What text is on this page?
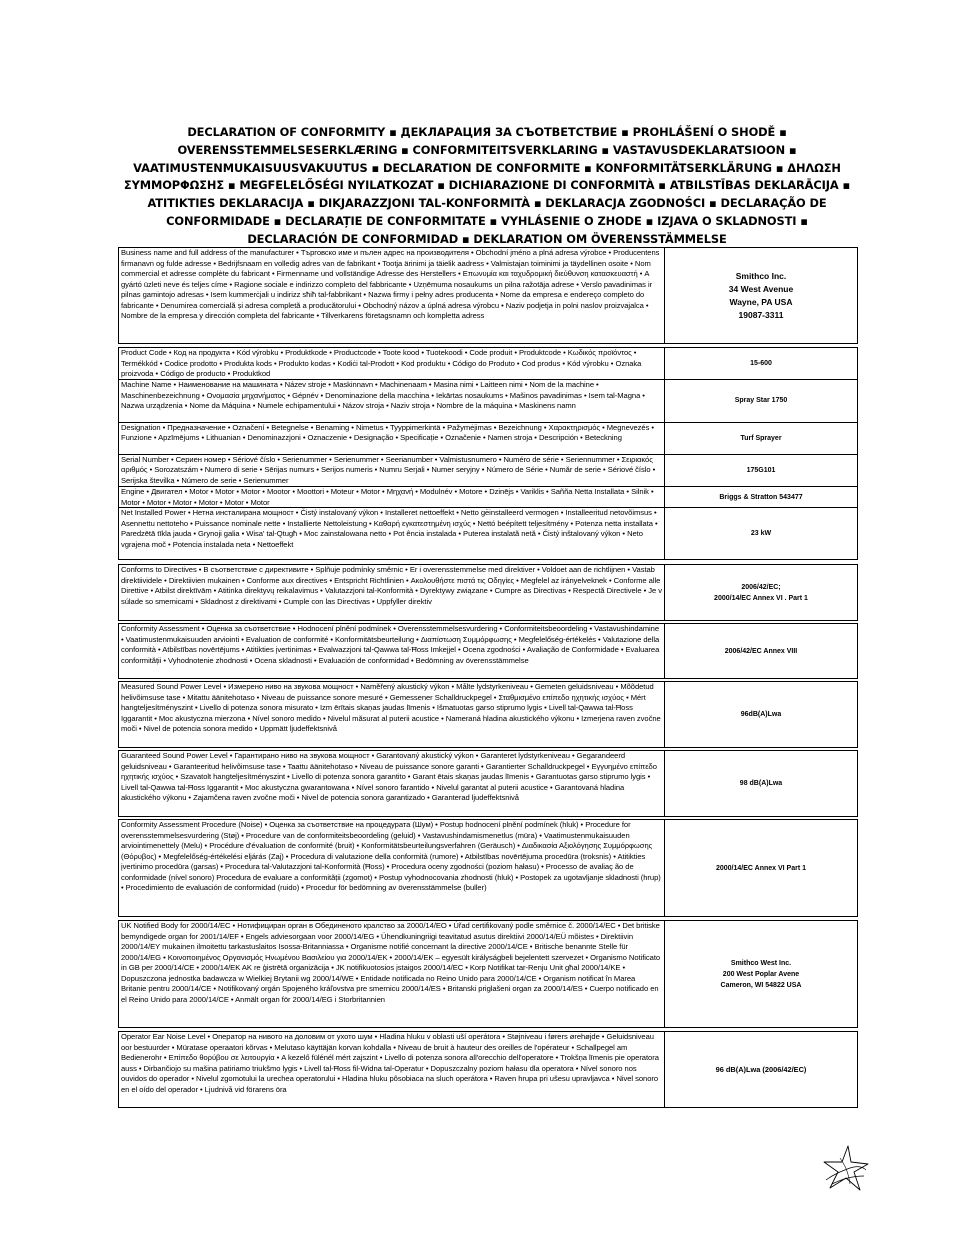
DECLARATION OF CONFORMITY ▪ ДЕКЛАРАЦИЯ ЗА СЪОТВЕТСТВИЕ ▪ PROHLÁŠENÍ O SHODĚ ▪ OVERENSSTEMMELSESERKLÆRING ▪ CONFORMITEITSVERKLARING ▪ VASTAVUSDEKLARATSIOON ▪ VAATIMUSTENMUKAISUUSVAKUUTUS ▪ DECLARATION DE CONFORMITE ▪ KONFORMITÄTSERKLÄRUNG ▪ ΔΗΛΩΣΗ ΣΥΜΜΟΡΦΩΣΗΣ ▪ MEGFELELŐSÉGI NYILATKOZAT ▪ DICHIARAZIONE DI CONFORMITÀ ▪ ATBILSTĪBAS DEKLARĀCIJA ▪ ATITIKTIES DEKLARACIJA ▪ DIKJARAZZJONI TAL-KONFORMITÀ ▪ DEKLARACJA ZGODNOŚCI ▪ DECLARAÇÃO DE CONFORMIDADE ▪ DECLARAȚIE DE CONFORMITATE ▪ VYHLÁSENIE O ZHODE ▪ IZJAVA O SKLADNOSTI ▪ DECLARACIÓN DE CONFORMIDAD ▪ DEKLARATION OM ÖVERENSSTÄMMELSE
Business name and full address of the manufacturer • Търговско име и пълен адрес на производителя • Obchodní jméno a plná adresa výrobce • Producentens firmanavn og fulde adresse • Bedrijfsnaam en volledig adres van de fabrikant • Tootja ärinimi ja täielik aadress • Valmistajan toiminimi ja täydellinen osoite • Nom commercial et adresse complète du fabricant • Firmenname und vollständige Adresse des Herstellers • Επωνυμία και ταχυδρομική διεύθυνση κατασκευαστή • A gyártó üzleti neve és teljes címe • Ragione sociale e indirizzo completo del fabbricante • Uzņēmuma nosaukums un pilna ražotāja adrese • Verslo pavadinimas ir pilnas gamintojo adresas • Isem kummerċjali u indirizz sħiħ tal-fabbrikant • Nazwa firmy i pełny adres producenta • Nome da empresa e endereço completo do fabricante • Denumirea comercială și adresa completă a producătorului • Obchodný názov a úplná adresa výrobcu • Naziv podjetja in polni naslov proizvajalca • Nombre de la empresa y dirección completa del fabricante • Tillverkarens företagsnamn och kompletta adress
Smithco Inc.
34 West Avenue
Wayne, PA USA
19087-3311
Product Code • Код на продукта • Kód výrobku • Produktkode • Productcode • Toote kood • Tuotekoodi • Code produit • Produktcode • Κωδικός προϊόντος • Termékkód • Codice prodotto • Produkta kods • Produkto kodas • Kodiċi tal-Prodott • Kod produktu • Código do Produto • Cod produs • Kód výrobku • Oznaka proizvoda • Código de producto • Produktkod
15-600
Machine Name • Наименование на машината • Název stroje • Maskinnavn • Machinenaam • Masina nimi • Laitteen nimi • Nom de la machine • Maschinenbezeichnung • Ονομασία μηχανήματος • Gépnév • Denominazione della macchina • Iekārtas nosaukums • Mašinos pavadinimas • Isem tal-Magna • Nazwa urządzenia • Nome da Máquina • Numele echipamentului • Názov stroja • Naziv stroja • Nombre de la máquina • Maskinens namn
Spray Star 1750
Designation • Предназначение • Označení • Betegnelse • Benaming • Nimetus • Tyyppimerkintä • Pažymėjimas • Bezeichnung • Χαρακτηρισμός • Megnevezés • Funzione • Apzīmējums • Lithuanian • Denominazzjoni • Oznaczenie • Designação • Specificație • Označenie • Namen stroja • Descripción • Beteckning	Turf Sprayer
Serial Number • Сериен номер • Sériové číslo • Serienummer • Serienummer • Seerianumber • Valmistusnumero • Numéro de série • Seriennummer • Σειριακός αριθμός • Sorozatszám • Numero di serie • Sērijas numurs • Serijos numeris • Numru Serjali • Numer seryjny • Número de Série • Număr de serie • Sériové číslo • Serijska številka • Número de serie • Serienummer
175G101
Engine • Двигател • Motor • Motor • Motor • Mootor • Moottori • Moteur • Motor • Μηχανή • Modulnév • Motore • Dzinējs • Variklis • Sañña Netta Installata • Silnik • Motor • Motor • Motor • Motor • Motor • Motor
Briggs & Stratton 543477
Net Installed Power • Нетна инсталирана мощност • Čistý instalovaný výkon • Installeret nettoeffekt • Netto ge͏̈installeerd vermogen • Installeeritud netovõimsus • Asennettu nettoteho • Puissance nominale nette • Installierte Nettoleistung • Καθαρή εγκατεστημένη ισχύς • Nettó beépített teljesítmény • Potenza netta installata • Paredzētā tīkla jauda • Grynoji galia • Wisa' tal-Qtugħ • Moc zainstalowana netto • Pot ência instalada • Puterea instalată netă • Čistý inštalovaný výkon • Neto vgrajena moč • Potencia instalada neta • Nettoeffekt
23 kW
Conforms to Directives • В съответствие с директивите • Splňuje podmínky směrnic • Er i overensstemmelse med direktiver • Voldoet aan de richtlijnen • Vastab direktiividele • Direktiivien mukainen • Conforme aux directives • Entspricht Richtlinien • Ακολουθήστε πιστά τις Οδηγίες • Megfelel az irányelveknek • Conforme alle Direttive • Atbilst direktīvām • Atitinka direktyvų reikalavimus • Valutazzjoni tal-Konformità • Dyrektywy związane • Cumpre as Directivas • Respectă Directivele • Je v súlade so smernicami • Skladnost z direktivami • Cumple con las Directivas • Uppfyller direktiv
2006/42/EC;
2000/14/EC Annex VI . Part 1
Conformity Assessment • Оценка за съответствие • Hodnocení plnění podmínek • Overensstemmelsesvurdering • Conformiteitsbeoordeling • Vastavushindamine • Vaatimustenmukaisuuden arviointi • Evaluation de conformité • Konformitätsbeurteilung • Διαπίστωση Συμμόρφωσης • Megfelelőség-értékelés • Valutazione della conformità • Atbilstības novērtējums • Atitikties įvertinimas • Evalwazzjoni tal-Qawwa tal-Ħoss Imkejjel • Ocena zgodności • Avaliação de Conformidade • Evaluarea conformității • Vyhodnotenie zhodnosti • Ocena skladnosti • Evaluación de conformidad • Bedömning av överensstämmelse
2006/42/EC Annex VIII
Measured Sound Power Level • Измерено ниво на звукова мощност • Naměřený akustický výkon • Målte lydstyrkeniveau • Gemeten geluidsniveau • Mõõdetud helivõimsuse tase • Mitattu äänitehotaso • Niveau de puissance sonore mesuré • Gemessener Schalldruckpegel • Σταθμισμένο επίπεδο ηχητικής ισχύος • Mért hangteljesítményszint • Livello di potenza sonora misurato • Izm ērītais skaņas jaudas līmenis • Išmatuotas garso stiprumo lygis • Livell tal-Qawwa tal-Ħoss Iggarantit • Moc akustyczna mierzona • Nível sonoro medido • Nivelul măsurat al puterii acustice • Nameraná hladina akustického výkonu • Izmerjena raven zvočne moči • Nivel de potencia sonora medido • Uppmätt ljudeffektsnivå
96dB(A)Lwa
Guaranteed Sound Power Level • Гарантирано ниво на звукова мощност • Garantovaný akustický výkon • Garanteret lydstyrkeniveau • Gegarandeerd geluidsniveau • Garanteeritud helivõimsuse tase • Taattu äänitehotaso • Niveau de puissance sonore garanti • Garantierter Schalldruckpegel • Εγγυημένο επίπεδο ηχητικής ισχύος • Szavatolt hangteljesítményszint • Livello di potenza sonora garantito • Garant ētais skaņas jaudas līmenis • Garantuotas garso stiprumo lygis • Livell tal-Qawwa tal-Ħoss Iggarantit • Moc akustyczna gwarantowana • Nível sonoro farantido • Nivelul garantat al puterii acustice • Garantovaná hladina akustického výkonu • Zajamčena raven zvočne moči • Nivel de potencia sonora garantizado • Garanterad ljudeffektsnivå
98 dB(A)Lwa
Conformity Assessment Procedure (Noise) • Оценка за съответствие на процедурата (Шум) • Postup hodnocení plnění podmínek (hluk) • Procedure for overensstemmelsesvurdering (Støj) • Procedure van de conformiteitsbeoordeling (geluid) • Vastavushindamismenetlus (müra) • Vaatimustenmukaisuuden arviointimenettely (Melu) • Procédure d'évaluation de conformité (bruit) • Konformitätsbeurteilungsverfahren (Geräusch) • Διαδικασία Αξιολόγησης Συμμόρφωσης (Θόρυβος) • Megfelelőség-értékelési eljárás (Zaj) • Procedura di valutazione della conformità (rumore) • Atbilstības novērtējuma procedūra (troksnis) • Atitikties įvertinimo procedūra (garsas) • Procedura tal-Valutazzjoni tal-Konformità (Ħoss) • Procedura oceny zgodności (poziom hałasu) • Processo de avaliaç ão de conformidade (nível sonoro) Procedura de evaluare a conformității (zgomot) • Postup vyhodnocovania zhodnosti (hluk) • Postopek za ugotavljanje skladnosti (hrup) • Procedimiento de evaluación de conformidad (ruido) • Procedur för bedömning av överensstämmelse (buller)
2000/14/EC Annex VI Part 1
UK Notified Body for 2000/14/EC • Нотифициран орган в Обединеното кралство за 2000/14/ЕО • Úřad certifikovaný podle směrnice č. 2000/14/EC • Det britiske bemyndigede organ for 2001/14/EF • Engels adviesorgaan voor 2000/14/EG • Ühendkuningriigi teavitatud asutus direktiivi 2000/14/EÜ mõistes • Direktiivin 2000/14/EY mukainen ilmoitettu tarkastuslaitos Isossa-Britanniassa • Organisme notifié concernant la directive 2000/14/CE • Britische benannte Stelle für 2000/14/EG • Κοινοποιημένος Οργανισμός Ηνωμένου Βασιλείου για 2000/14/ΕΚ • 2000/14/EK – egyesült királyságbeli bejelentett szervezet • Organismo Notificato in GB per 2000/14/CE • 2000/14/EK AK re ģistrētā organizācija • JK notifikuotosios įstaigos 2000/14/EC • Korp Notifikat tar-Renju Unit għal 2000/14/KE • Dopuszczona jednostka badawcza w Wielkiej Brytanii wg 2000/14/WE • Entidade notificada no Reino Unido para 2000/14/CE • Organism notificat în Marea Britanie pentru 2000/14/CE • Notifikovaný orgán Spojeného kráľovstva pre smernicu 2000/14/ES • Britanski priglašeni organ za 2000/14/ES • Cuerpo notificado en el Reino Unido para 2000/14/CE • Anmält organ för 2000/14/EG i Storbritannien
Smithco West Inc.
200 West Poplar Avene
Cameron, WI 54822 USA
Operator Ear Noise Level • Оператор на нивото на доловим от ухото шум • Hladina hluku v oblasti uší operátora • Støjniveau i førers ørehøjde • Geluidsniveau oor bestuurder • Müratase operaatori kõrvas • Melutaso käyttäjän korvan kohdalla • Niveau de bruit à hauteur des oreilles de l'opérateur • Schallpegel am Bedienerohr • Επίπεδο θορύβου σε λειτουργία • A kezelő fülénél mért zajszint • Livello di potenza sonora all'orecchio dell'operatore • Trokšņa līmenis pie operatora auss • Dirbančiojo su mašina patiriamo triukšmo lygis • Livell tal-Ħoss fil-Widna tal-Operatur • Dopuszczalny poziom hałasu dla operatora • Nível sonoro nos ouvidos do operador • Nivelul zgomotului la urechea operatorului • Hladina hluku pôsobiaca na sluch operátora • Raven hrupa pri ušesu upravljavca • Nivel sonoro en el oído del operador • Ljudnivå vid förarens öra
96 dB(A)Lwa (2006/42/EC)
